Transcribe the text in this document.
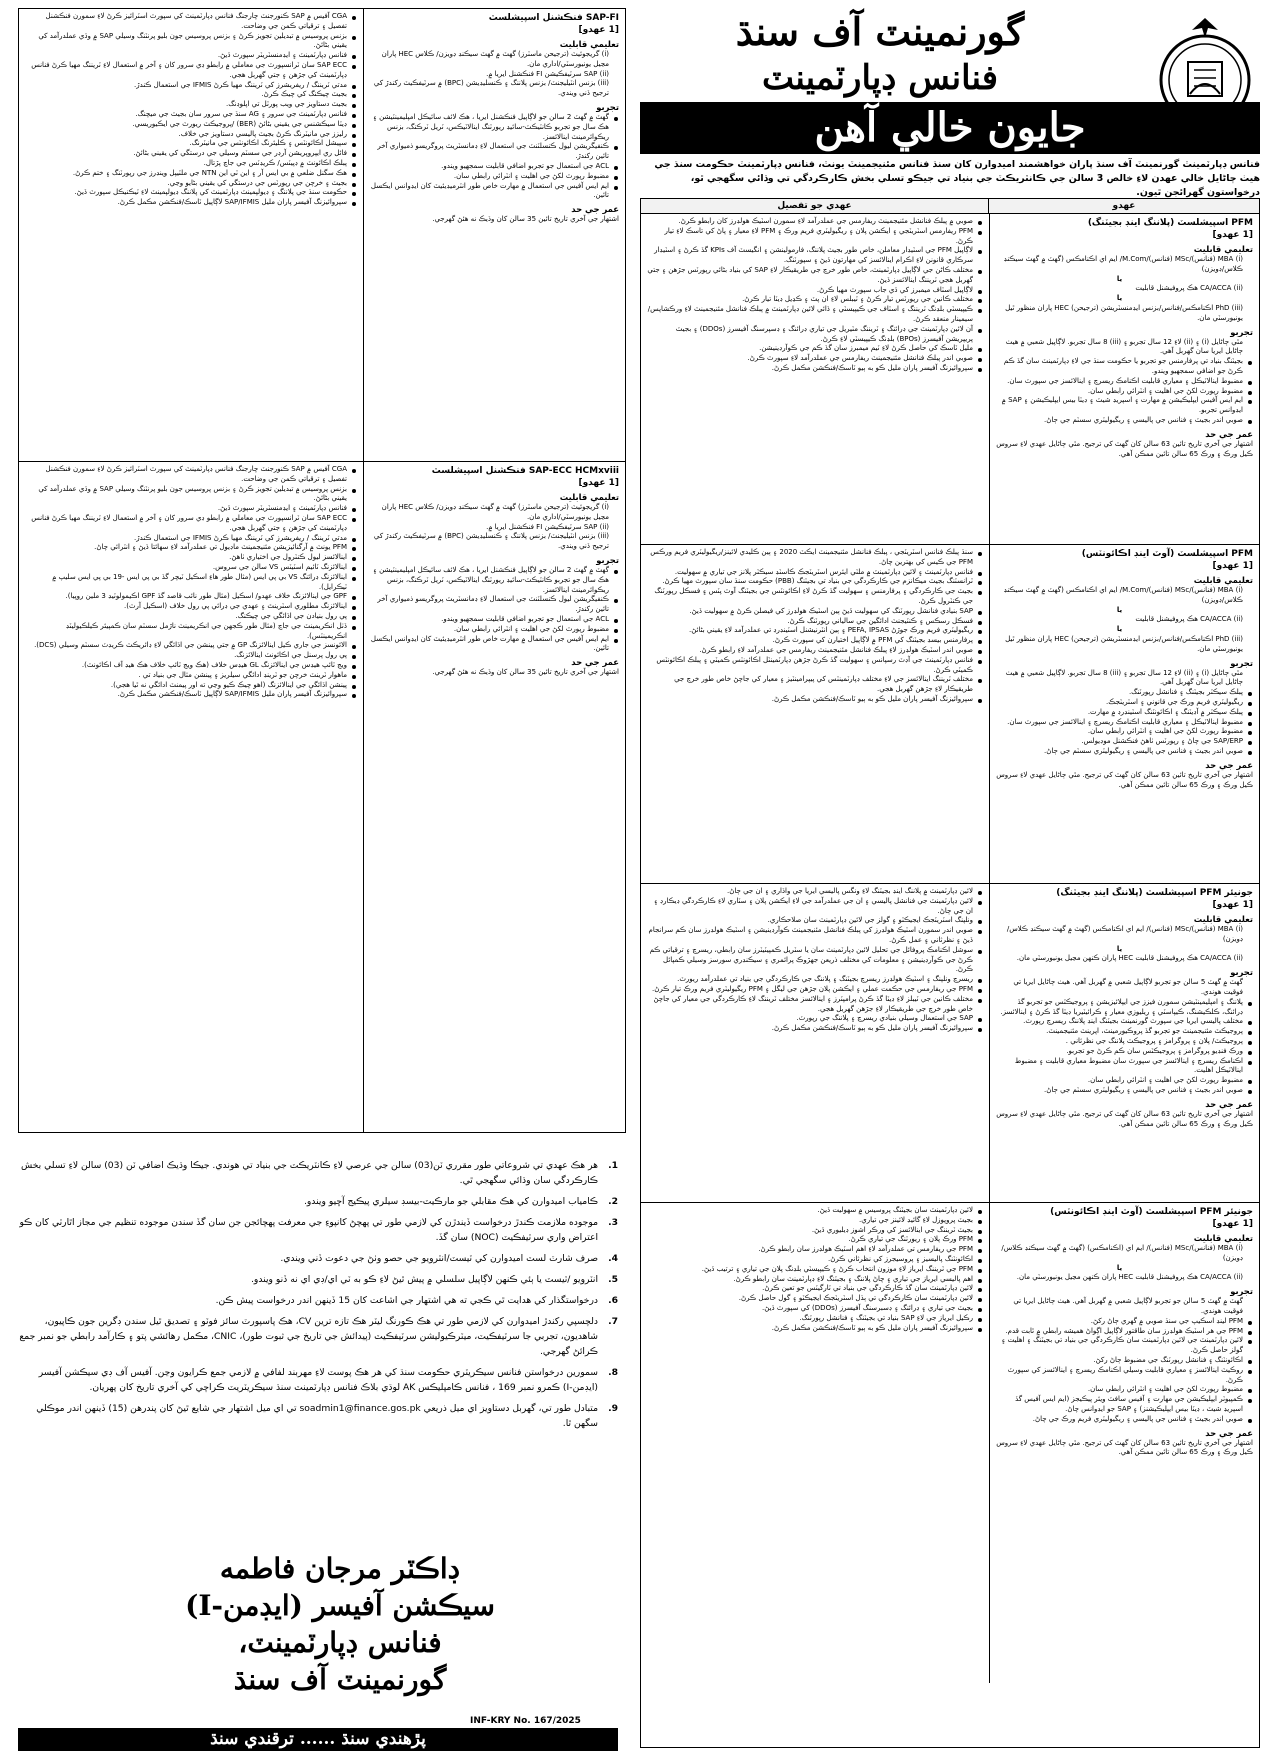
گورنمينٽ آف سنڌ
فنانس ڊپارٽمينٽ
جايون خالي آهن
فنانس ڊپارٽمينٽ گورنمينٽ آف سنڌ پاران خواهشمند اميدوارن کان سنڌ فنانس مئنيجمينٽ يونٽ، فنانس ڊپارٽمينٽ حڪومت سنڌ جي هيٺ ڄاڻايل خالي عهدن لاءِ خالص 3 سالن جي ڪانٽريڪٽ جي بنياد تي جيڪو تسلي بخش ڪارڪردگي تي وڌائي سگهجي ٿو، درخواستون گهرائجن ٿيون.
عهدو
عهدي جو تفصيل
PFM اسپيشلسٽ (پلاننگ اينڊ بجيٽنگ)
[1 عهدو]
تعليمي قابليت
(i) MBA (فنانس)/MSc (فنانس)/M.Com/ ايم اي اڪنامڪس (گهٽ ۾ گهٽ سيڪنڊ ڪلاس/ڊويزن)
يا
(ii) CA/ACCA هڪ پروفيشنل قابليت
يا
(iii) PhD اڪنامڪس/فنانس/بزنس ايڊمنسٽريشن (ترجيحن) HEC پاران منظور ٿيل يونيورسٽي مان.
تجربو
مٿي ڄاڻايل (i) ۽ (ii) لاءِ 12 سال تجربو ۽ (iii) 8 سال تجربو. لاڳاپيل شعبي ۾ هيٺ ڄاڻايل ايريا سان گهربل آهي.
بجيٽنگ بنياد تي پرفارمنس جو تجربو يا حڪومت سنڌ جي لاءِ ڊپارٽمينٽ سان گڏ ڪم ڪرڻ جو اضافي سمجهيو ويندو.
مضبوط اينالاٽيڪل ۽ معياري قابليت اڪنامڪ ريسرچ ۽ اينالائسز جي سپورٽ سان.
مضبوط رپورٽ لکڻ جي اهليت ۽ انٽرائي رابطي سان.
ايم ايس آفيس ايپليڪيشن ۾ مهارت ۽ اسپريڊ شيٽ ۽ ڊيٽا بيس ايپليڪيشن ۽ SAP ۾ ايڊوانس تجربو.
صوبي اندر بجيٽ ۽ فنانس جي پاليسي ۽ ريگيوليٽري سسٽم جي ڄاڻ.
عمر جي حد
اشتهار جي آخري تاريخ تائين 63 سالن کان گهٽ کي ترجيح. مٿي ڄاڻايل عهدي لاءِ سروس ڪيل ورڪ ۽ ورڪ 65 سالن تائين ممڪن آهي.
صوبي ۾ پبلڪ فنانشل مئنيجمينٽ ريفارمس جي عملدرآمد لاءِ سمورن اسٽيڪ هولڊرز کان رابطو ڪرڻ.
PFM ريفارمس اسٽريٽجي ۽ ايڪشن پلان ۽ ريگيوليٽري فريم ورڪ ۽ PFM لاءِ معيار ۽ پاڻ کي تاسڪ لاءِ تيار ڪرڻ.
لاڳاپيل PFM جي اسٽيڊار معاملن، خاص طور بجيٽ پلاننگ، فارمولينشن ۽ انگيسٽ آف KPIs گڏ ڪرڻ ۽ اسٽيڊار سرڪاري قانونن لاءِ اڪرام اينالائسز کي مهارتون ڏيڻ ۽ سپورٽنگ.
مختلف ڪاڻن جي لاڳاپيل ڊپارٽمينٽ، خاص طور خرچ جي طريقيڪار لاءِ SAP کي بنياد بڻائي رپورٽس جڙهن ۽ جتي گهربل هجي ٽريننگ اينالائسز ڏيڻ.
لاڳاپيل اسٽاف ميمبرز کي ڏي جاب سپورٽ مهيا ڪرڻ.
مختلف ڪانين جي رپورٽس تيار ڪرڻ ۽ ٽيبلس لاءِ ان پٽ ۽ ڪڍيل ڊيٽا تيار ڪرڻ.
ڪيپيسٽي بلڊنگ ٽريننگ ۽ اسٽاف جي ڪيپيسٽي ۽ ڏائي لائين ڊپارٽمينٽ ۾ پبلڪ فنانشل مئنيجمينٽ لاءِ ورڪشاپس/سيمينار منعقد ڪرڻ.
آن لائين ڊپارٽمينٽ جي ڊرائنگ ۽ ٽريننگ مٽيريل جي تياري ڊرائنگ ۽ ڊسپرسنگ آفيسرز (DDOs) ۽ بجيٽ پريپريشن آفيسرز (BPOs) بلڊنگ ڪيپيسٽي لاءِ ڪرڻ.
مليل ٽاسڪ کي حاصل ڪرڻ لاءِ ٽيم ميمبرز سان گڏ ڪم جي ڪوآرڊينيشن.
صوبي اندر پبلڪ فنانشل مئنيجمينٽ ريفارمس جي عملدرآمد لاءِ سپورٽ ڪرڻ.
سپروائيزنگ آفيسر پاران مليل ڪو به ٻيو ٽاسڪ/فنڪشن مڪمل ڪرڻ.
PFM اسپيشلسٽ (آوٽ اينڊ اڪائونٽس)
[1 عهدو]
تعليمي قابليت
(i) MBA (فنانس)/MSc (فنانس)/M.Com/ ايم اي اڪنامڪس (گهٽ ۾ گهٽ سيڪنڊ ڪلاس/ڊويزن)
يا
(ii) CA/ACCA هڪ پروفيشنل قابليت
يا
(iii) PhD اڪنامڪس/فنانس/بزنس ايڊمنسٽريشن (ترجيحن) HEC پاران منظور ٿيل يونيورسٽي مان.
تجربو
مٿي ڄاڻايل (i) ۽ (ii) لاءِ 12 سال تجربو ۽ (iii) 8 سال تجربو. لاڳاپيل شعبي ۾ هيٺ ڄاڻايل ايريا سان گهربل آهي.
پبلڪ سيڪٽر بجيٽنگ ۽ فنانشل رپورٽنگ.
ريگيوليٽري فريم ورڪ جي قانوني ۽ اسٽريٽجڪ.
پبلڪ سيڪٽر ۾ آڊيٽنگ ۽ اڪائونٽنگ اسٽينڊرڊ ۾ مهارت.
مضبوط اينالاٽيڪل ۽ معياري قابليت اڪنامڪ ريسرچ ۽ اينالائسز جي سپورٽ سان.
مضبوط رپورٽ لکڻ جي اهليت ۽ انٽرائي رابطي سان.
SAP/ERP جي چاڻ ۽ رپورٽس ٺاهڻ فنڪشنل موڊيولس.
صوبي اندر بجيٽ ۽ فنانس جي پاليسي ۽ ريگيوليٽري سسٽم جي ڄاڻ.
عمر جي حد
اشتهار جي آخري تاريخ تائين 63 سالن کان گهٽ کي ترجيح. مٿي ڄاڻايل عهدي لاءِ سروس ڪيل ورڪ ۽ ورڪ 65 سالن تائين ممڪن آهي.
سنڌ پبلڪ فنانس اسٽريٽجي ، پبلڪ فنانشل مئنيجمينٽ ايڪٽ 2020 ۽ ٻين ڪليدي لائينز/ريگيوليٽري فريم ورڪس PFM جي ڪيس کي بهترين چاڻ.
فنانس ڊپارٽمينٽ ۽ لائين ڊپارٽمينٽ ۾ ملٽي ايئرس اسٽريٽجڪ ڪاسٽڊ سيڪٽر پلانز جي تياري ۾ سهوليت.
ٽرانسٽنگ بجيٽ ميڪانزم جي ڪارڪردگي جي بنياد تي بجيٽنگ (PBB) حڪومت سنڌ سان سپورٽ مهيا ڪرڻ.
بجيٽ جي ڪارڪردگي ۽ پرفارمنس ۽ سهوليت گڏ ڪرڻ لاءِ اڪائونٽس جي بجيٽنگ آوٽ پٽس ۽ فسڪل رپورٽنگ جي ڪنٽرول ڪرڻ.
SAP بنيادي فنانشل رپورٽنگ کي سهوليت ڏيڻ ٻين اسٽيڪ هولڊرز کي فيصلن ڪرڻ ۾ سهوليت ڏيڻ.
فسڪل رسڪس ۽ ڪنٽيجنٽ ادائگين جي سالياني رپورٽنگ ڪرڻ.
ريگيوليٽري فريم ورڪ جوڙڻ PEFA, IPSAS ۽ ٻين انٽرنيشنل اسٽينڊرڊ تي عملدرآمد لاءِ يقيني بڻائڻ.
پرفارمنس بيسڊ بجيٽنگ کي PFM ۾ لاڳاپيل اختيارن کي سپورٽ ڪرڻ.
صوبي اندر اسٽيڪ هولڊرز لاءِ پبلڪ فنانشل مئنيجمينٽ ريفارمس جي عملدرآمد لاءِ رابطو ڪرڻ.
فنانس ڊپارٽمينٽ جي آڊٽ رسپانس ۽ سهوليت گڏ ڪرڻ جڙهن ڊپارٽمينٽل اڪائونٽس ڪميٽي ۽ پبلڪ اڪائونٽس ڪميٽي ڪرڻ.
مختلف ٽريننگ اينالائسز جي لاءِ مختلف ڊپارٽمينٽس کي پيپرامينٽيز ۽ معيار کي جاچڻ خاص طور خرچ جي طريقيڪار لاءِ جڙهن گهربل هجي.
سپروائيزنگ آفيسر پاران مليل ڪو به ٻيو ٽاسڪ/فنڪشن مڪمل ڪرڻ.
جونيئر PFM اسپيشلسٽ (پلاننگ اينڊ بجيٽنگ)
[1 عهدو]
تعليمي قابليت
(i) MBA (فنانس)/MSc (فنانس)/ ايم اي اڪنامڪس (گهٽ ۾ گهٽ سيڪنڊ ڪلاس/ڊويزن)
يا
(ii) CA/ACCA هڪ پروفيشنل قابليت HEC پاران ڪنهن مڃيل يونيورسٽي مان.
تجربو
گهٽ ۾ گهٽ 5 سالن جو تجربو لاڳاپيل شعبي ۾ گهربل آهي. هيٺ ڄاڻايل ايريا تي فوقيت هوندي.
پلاننگ ۽ امپليمينٽيشن سمورن فيزز جي ايپلائيزيشن ۽ پروجيڪٽس جو تجربو گڏ ڊرائنگ، ڪلڪيشنگ، ڪيپاسٽي ۽ ريليوزي معيار ۽ ڪرائيٽيريا ڊيٽا گڏ ڪرڻ ۽ اينالائسز.
مختلف پاليسي ايريا جي سپورٽ گورنمينٽ بجيٽنگ اينڊ پلاننگ ريسرچ رپورٽ.
پروجيڪٽ مئنيجمينٽ جو تجربو گڏ پروڪيورمينٽ، اپرينٽ مئنيجمينٽ.
پروجيڪٽ/ پلان ۽ پروگرامز ۽ پروجيڪٽ پلاننگ جي نظرثاني .
ورڪ فنڊيو پروگرامز ۽ پروجيڪٽس سان ڪم ڪرڻ جو تجربو.
اڪنامڪ ريسرچ ۽ اينالائسز جي سپورٽ سان مضبوط معياري قابليت ۽ مضبوط اينالاٽيڪل اهليت.
مضبوط رپورٽ لکڻ جي اهليت ۽ انٽرائي رابطي سان.
صوبي اندر بجيٽ ۽ فنانس جي پاليسي ۽ ريگيوليٽري سسٽم جي ڄاڻ.
عمر جي حد
اشتهار جي آخري تاريخ تائين 63 سالن کان گهٽ کي ترجيح. مٿي ڄاڻايل عهدي لاءِ سروس ڪيل ورڪ ۽ ورڪ 65 سالن تائين ممڪن آهي.
لائين ڊپارٽمينٽ ۾ پلاننگ اينڊ بجيٽنگ لاءِ ونگس پاليسي ايريا جي واڌاري ۽ ان جي ڄاڻ.
لائين ڊپارٽمينٽ جي فنانشل پاليسي ۽ ان جي عملدرآمد جي لاءِ ايڪشن پلان ۽ سٽاري لاءِ ڪارڪردگي ڊيڪارڊ ۽ ان جي ڄاڻ.
ونلپنگ اسٽريٽجڪ ايجيڪٽو ۽ گولز جي لائين ڊپارٽمينٽ سان صلاحڪاري.
صوبي اندر سمورن اسٽيڪ هولڊرز کي پبلڪ فنانشل مئنيجمينٽ ڪوآرڊينيشن ۽ اسٽيڪ هولڊرز سان ڪم سرانجام ڏيڻ ۽ نظرثاني ۽ عمل ڪرڻ.
سوشل اڪنامڪ پروفائل جي تحليل لائين ڊپارٽمينٽ سان يا سٽريل ڪمپيٽيٽرز سان رابطي، ريسرچ ۽ ترقياتي ڪم ڪرڻ جي ڪوآرڊينيشن ۽ معلومات کي مختلف ذريعن جهڙوڪ پرائمري ۽ سيڪنڊري سورسز وسيلي ڪمپائل ڪرڻ.
ريسرچ ونلپنگ ۽ اسٽيڪ هولڊرز ريسرچ بجيٽنگ ۽ پلاننگ جي ڪارڪردگي جي بنياد تي عملدرآمد ريورٽ.
PFM جي ريفارمس جي حڪمت عملي ۽ ايڪشن پلان جڙهن جي ليگل ۽ PFM ريگيوليٽري فريم ورڪ تيار ڪرڻ.
مختلف ڪانين جي ٽيبلز لاءِ ڊيٽا گڏ ڪرڻ پرامپٽرز ۽ اينالائسز مختلف ٽريننگ لاءِ ڪارڪردگي جي معيار کي جاچڻ خاص طور خرچ جي طريقيڪار لاءِ جڙهن گهربل هجي.
SAP جي استعمال وسيلي بنيادي ريسرچ ۽ پلاننگ جي رپورٽ.
سپروائيزنگ آفيسر پاران مليل ڪو به ٻيو ٽاسڪ/فنڪشن مڪمل ڪرڻ.
جونيئر PFM اسپيشلسٽ (آوٽ اينڊ اڪائونٽس)
[1 عهدو]
تعليمي قابليت
(i) MBA (فنانس)/MSc (فنانس)/ ايم اي (اڪنامڪس) (گهٽ ۾ گهٽ سيڪنڊ ڪلاس/ڊويزن)
يا
(ii) CA/ACCA هڪ پروفيشنل قابليت HEC پاران ڪنهن مڃيل يونيورسٽي مان.
تجربو
گهٽ ۾ گهٽ 5 سالن جو تجربو لاڳاپيل شعبي ۾ گهربل آهي. هيٺ ڄاڻايل ايريا تي فوقيت هوندي.
PFM لينڊ اسڪيپ جي سنڌ صوبي ۾ گهري ڄاڻ رکڻ.
PFM جي هر اسٽيڪ هولڊرز سان طاقتور لاڳاپيل اڳواڻ هميشه رابطي ۾ ٿابت قدم.
لائين ڊپارٽمينٽ جي لائين ڊپارٽمينٽ سان ڪارڪردگي جي بنياد تي بجيٽنگ ۽ اهليت ۽ گولز حاصل ڪرڻ.
اڪائونٽنگ ۽ فنانشل رپورٽنگ جي مضبوط ڄاڻ رکڻ.
روڪيٽ اينالائسز ۽ معياري قابليت وسيلي اڪنامڪ ريسرچ ۽ اينالائسز کي سپورٽ ڪرڻ.
مضبوط رپورٽ لکڻ جي اهليت ۽ انٽرائي رابطي سان.
ڪمپيوٽر ايپليڪيشن جي مهارت ۽ آفيس سافٽ ويئر پيڪيجز (ايم ايس آفيس گڏ اسپريڊ شيٽ ، ڊيٽا بيس ايپليڪيشنز) ۽ SAP جو ايڊوانس چاڻ.
صوبي اندر بجيٽ ۽ فنانس جي پاليسي ۽ ريگيوليٽري فريم ورڪ جي چاڻ.
عمر جي حد
اشتهار جي آخري تاريخ تائين 63 سالن کان گهٽ کي ترجيح. مٿي ڄاڻايل عهدي لاءِ سروس ڪيل ورڪ ۽ ورڪ 65 سالن تائين ممڪن آهي.
لائين ڊپارٽمينٽ سان بجيٽنگ پروسيس ۾ سهوليت ڏيڻ.
بجيٽ پروپوزل لاءِ گائيڊ لائينز جي تياري.
بجيٽ ٽريننگ جي اينالائسز کي ورڪر اشوز ڊيليوري ڏيڻ.
PFM ورڪ پلان ۽ ريورٽنگ جي تياري ڪرڻ.
PFM جي ريفارمس تي عملدرآمد لاءِ اهم اسٽيڪ هولڊرز سان رابطو ڪرڻ.
اڪائونٽنگ پاليسيز ۽ پروسيجرز کي نظرثاني ڪرڻ.
PFM جي ٽريننگ ايرياز لاءِ موزون انتخاب ڪرڻ ۽ ڪيپيسٽي بلڊنگ پلان جي تياري ۽ ترتيب ڏيڻ.
اهم پاليسي ايرياز جي تياري ۽ چاڻ پلاننگ ۽ بجيٽنگ لاءِ ڊپارٽمينٽ سان رابطو ڪرڻ.
لائين ڊپارٽمينٽ سان گڏ ڪارڪردگي جي بنياد تي ٽارگيٽس جو تعين ڪرڻ.
لائين ڊپارٽمينٽ سان ڪارڪردگي تي ٻڌل اسٽريٽجڪ ايجيڪٽو ۽ گول حاصل ڪرڻ.
بجيٽ جي تياري ۽ ڊرائنگ ۽ ڊسبرسنگ آفيسرز (DDOs) کي سپورٽ ڏيڻ.
رڪيل ايرياز جي لاءِ SAP بنياد تي بجيٽنگ ۽ فنانشل رپورٽنگ.
سپروائيزنگ آفيسر پاران مليل ڪو به ٻيو ٽاسڪ/فنڪشن مڪمل ڪرڻ.
SAP-FI فنڪشنل اسپيشلسٽ
[1 عهدو]
تعليمي قابليت
(i) گريجوئيٽ (ترجيحن ماسٽرز) گهٽ ۾ گهٽ سيڪنڊ ڊويزن/ ڪلاس HEC پاران مڃيل يونيورسٽي/اداري مان.
(ii) SAP سرٽيفڪيشن FI فنڪشنل ايريا ۾.
(iii) بزنس انٽيليجنٽ/ بزنس پلاننگ ۽ ڪنسليڊيشن (BPC) ۾ سرٽيفڪيٽ رکندڙ کي ترجيح ڏني ويندي.
تجربو
گهٽ ۾ گهٽ 2 سالن جو لاڳاپيل فنڪشنل ايريا ، هڪ لائف سائيڪل امپليمينٽيشن ۽ هڪ سال جو تجربو ڪانٽيڪٽ-سائيڊ ريورٽنگ اينالاٽيڪس، ٽريل ٽرڪنگ، بزنس ريڪوائرمينٽ اينالائسز.
ڪنفيگريشن ليول ڪنسلٽنٽ جي استعمال لاءِ ڊمانسٽريٽ پروگريسو ذميواري آخر تائين رکندڙ.
ACL جي استعمال جو تجربو اضافي قابليت سمجهيو ويندو.
مضبوط رپورٽ لکڻ جي اهليت ۽ انٽرائي رابطي سان.
ايم ايس آفيس جي استعمال ۾ مهارت خاص طور انٽرميڊيئيٽ کان ايڊوانس ايڪسل تائين.
عمر جي حد
اشتهار جي آخري تاريخ تائين 35 سالن کان وڌيڪ نه هئڻ گهرجي.
CGA آفيس ۾ SAP ڪنورجنٽ چارجنگ فنانس ڊپارٽمينٽ کي سپورٽ اسٽرائيز ڪرڻ لاءِ سمورن فنڪشنل تفصيل ۽ ترقياتي ڪمن جي وضاحت.
بزنس پروسيس ۾ تبديلين تجويز ڪرڻ ۽ بزنس پروسيس جون بليو پرنٽنگ وسيلي SAP ۾ وڌي عملدرآمد کي يقيني بڻائڻ.
فنانس ڊپارٽمينٽ ۽ ايڊمنسٽريٽر سپورٽ ڏيڻ.
SAP ECC سان ٽرانسپورٽ جي معاملي ۾ رابطو ڊي سرور کان ۽ آخر ۾ استعمال لاءِ ٽريننگ مهيا ڪرڻ فنانس ڊپارٽمينٽ کي جڙهن ۽ جتي گهربل هجي.
مدتي ٽريننگ / ريفريشرز کي ٽريننگ مهيا ڪرڻ IFMIS جي استعمال ڪندڙ.
بجيٽ چيڪنگ کي چيڪ ڪرڻ.
بجيٽ دستاويز جي ويب پورٽل تي اپلوڊنگ.
فنانس ڊپارٽمينٽ جي سرور ۽ AG سنڌ جي سرور سان بجيٽ جي ميچنگ.
ڊيٽا سيڪشنس جي يقيني بڻائڻ (BER) /پروجيڪٽ ريورٽ جي ايڪيوريسي.
رليزز جي مانيٽرنگ ڪرڻ بجيٽ پاليسي دستاويز جي خلاف.
سپيشل اڪائونٽس ۽ ڪليئرنگ اڪائونٽس جي مانيٽرنگ.
فائل ري ايپروپريشن آرڊر جي سسٽم وسيلي جي درستگي کي يقيني بڻائڻ.
پبلڪ اڪائونٽ ۾ ڊپيٽس/ ڪريڊٽس جي جاچ پڙتال.
هڪ سگنل ضلعي ۾ بي ايس آر ۽ اين ٽي اين NTN جي ملٽيپل وينڊرز جي رپورٽنگ ۽ ختم ڪرڻ.
بجيٽ ۽ خرچن جي رپورٽس جي درستگي کي يقيني بڻايو وڃي.
حڪومت سنڌ جي پلاننگ ۽ ڊيولپمينٽ ڊپارٽمينٽ کي پلاننگ ڊيولپمينٽ لاءِ ٽيڪنيڪل سپورٽ ڏيڻ.
سپروائيزنگ آفيسر پاران مليل SAP/IFMIS لاڳاپيل ٽاسڪ/فنڪشن مڪمل ڪرڻ.
SAP-ECC HCMxviii فنڪشنل اسپيشلسٽ
[1 عهدو]
تعليمي قابليت
(i) گريجوئيٽ (ترجيحن ماسٽرز) گهٽ ۾ گهٽ سيڪنڊ ڊويزن/ ڪلاس HEC پاران مڃيل يونيورسٽي/اداري مان.
(ii) SAP سرٽيفڪيشن FI فنڪشنل ايريا ۾.
(iii) بزنس انٽيليجنٽ/ بزنس پلاننگ ۽ ڪنسليڊيشن (BPC) ۾ سرٽيفڪيٽ رکندڙ کي ترجيح ڏني ويندي.
تجربو
گهٽ ۾ گهٽ 2 سالن جو لاڳاپيل فنڪشنل ايريا ، هڪ لائف سائيڪل امپليمينٽيشن ۽ هڪ سال جو تجربو ڪانٽيڪٽ-سائيڊ ريورٽنگ اينالاٽيڪس، ٽريل ٽرڪنگ، بزنس ريڪوائرمينٽ اينالائسز.
ڪنفيگريشن ليول ڪنسلٽنٽ جي استعمال لاءِ ڊمانسٽريٽ پروگريسو ذميواري آخر تائين رکندڙ.
ACL جي استعمال جو تجربو اضافي قابليت سمجهيو ويندو.
مضبوط رپورٽ لکڻ جي اهليت ۽ انٽرائي رابطي سان.
ايم ايس آفيس جي استعمال ۾ مهارت خاص طور انٽرميڊيئيٽ کان ايڊوانس ايڪسل تائين.
عمر جي حد
اشتهار جي آخري تاريخ تائين 35 سالن کان وڌيڪ نه هئڻ گهرجي.
CGA آفيس ۾ SAP ڪنورجنٽ چارجنگ فنانس ڊپارٽمينٽ کي سپورٽ اسٽرائيز ڪرڻ لاءِ سمورن فنڪشنل تفصيل ۽ ترقياتي ڪمن جي وضاحت.
بزنس پروسيس ۾ تبديلين تجويز ڪرڻ ۽ بزنس پروسيس جون بليو پرنٽنگ وسيلي SAP ۾ وڌي عملدرآمد کي يقيني بڻائڻ.
فنانس ڊپارٽمينٽ ۽ ايڊمنسٽريٽر سپورٽ ڏيڻ.
SAP ECC سان ٽرانسپورٽ جي معاملي ۾ رابطو ڊي سرور کان ۽ آخر ۾ استعمال لاءِ ٽريننگ مهيا ڪرڻ فنانس ڊپارٽمينٽ کي جڙهن ۽ جتي گهربل هجي.
مدتي ٽريننگ / ريفريشرز کي ٽريننگ مهيا ڪرڻ IFMIS جي استعمال ڪندڙ.
PFM يونٽ ۾ آرگنائيزيشن مئنيجمينٽ ماڊيول تي عملدرآمد لاءِ سهائتا ڏيڻ ۽ انٽرائي چاڻ.
اينالائسز ليول ڪنٽرول جي اختياري ٺاهڻ.
اينالائزنگ ٽائيم اسٽيٽس VS سالن جي سروس.
اينالائزنگ ڊرائنگ VS بي پي ايس (مثال طور هاءِ اسڪيل ٽيچر گڏ بي پي ايس -19 بي پي ايس سليپ ۾ ٽيڪرايل).
GPF جي اينالائزنگ خلاف عهدو/ اسڪيل (مثال طور نائب قاصد گڏ GPF اڪيمولوٽيڊ 3 ملين روپيا).
اينالائزنگ مطلوري اسٽرينٿ ۽ عهدي جي ڊرائي پي رول خلاف (اسڪيل آرٽ).
پي رول بنيادن جي اڌائگي جي چيڪنگ.
ڏٺل انڪريمينٽ جي جاچ (مثال طور ڪجهن جي انڪريمينٽ ناڙمل سسٽم سان ڪمپيئر ڪيلڪيوليٽڊ انڪريمينٽس).
الائونسز جي جاري ڪيل اينالائزنگ GP ۾ جتي پينشن جي اڌائگي لاءِ ڊائريڪٽ ڪريڊٽ سسٽم وسيلي (DCS).
پي رول پرسنل جي اڪائونٽ اينالائزنگ.
ويج ٽائپ هيڊس جي اينالائزنگ GL هيڊس خلاف (هڪ ويج ٽائپ خلاف هڪ هيڊ آف اڪائونٽ).
ماهوار ٽرينٽ خرچن جو ٽرينڊ ادائگي سيلريز ۽ پينشن مثال جي بنياد تي .
پينشن اڌائگي جي اينالائزنگ (اهو چيڪ ڪيو وڃي ته اور پيمنٽ ادائگي نه ٿيا هجي).
سپروائيزنگ آفيسر پاران مليل SAP/IFMIS لاڳاپيل ٽاسڪ/فنڪشن مڪمل ڪرڻ.
1.
هر هڪ عهدي تي شروعاتي طور مقرري ٽن(03) سالن جي عرصي لاءِ ڪانٽريڪٽ جي بنياد تي هوندي. جيڪا وڌيڪ اضافي ٽن (03) سالن لاءِ تسلي بخش ڪارڪردگي سان وڌائي سگهجي ٿي.
2.
ڪامياب اميدوارن کي هڪ مقابلي جو مارڪيٽ-بيسڊ سيلري پيڪيج آڇيو ويندو.
3.
موجوده ملازمت ڪندڙ درخواست ڏيندڙن کي لازمي طور تي پهچڻ کانپوءِ جي معرفت پهچائجن جن سان گڏ سندن موجوده تنظيم جي مجاز اٿارٽي کان ڪو اعتراض واري سرٽيفڪيٽ (NOC) سان گڏ.
4.
صرف شارٽ لسٽ اميدوارن کي ٽيسٽ/انٽرويو جي حصو وٺڻ جي دعوت ڏني ويندي.
5.
انٽرويو /ٽيسٽ يا ٻئي ڪنهن لاڳاپيل سلسلي ۾ پيش ٿيڻ لاءِ ڪو به ٽي اي/ڊي اي نه ڏنو ويندو.
6.
درخواستگذار کي هدايت ٿي ڪجي ته هي اشتهار جي اشاعت کان 15 ڏينهن اندر درخواست پيش ڪن.
7.
دلچسپي رکندڙ اميدوارن کي لازمي طور تي هڪ ڪورنگ ليٽر هڪ تازه ترين CV، هڪ پاسپورٽ سائز فوٽو ۽ تصديق ٿيل سندن ڊگرين جون ڪاپيون، شاهديون، تجربي جا سرٽيفڪيٽ، ميٽرڪيوليشن سرٽيفڪيٽ (پيدائش جي تاريخ جي ثبوت طور)، CNIC، مڪمل رهائشي پتو ۽ ڪارآمد رابطي جو نمبر جمع ڪرائڻ گهرجي.
8.
سمورين درخواستن فنانس سيڪريٽري حڪومت سنڌ کي هر هڪ پوسٽ لاءِ مهربند لفافي ۾ لازمي جمع ڪرايون وڃن. آفيس آف ڊي سيڪشن آفيسر (ايڊمن-I) ڪمرو نمبر 169 ، فنانس ڪامپليڪس AK لوڌي بلاڪ فنانس ڊپارٽمينٽ سنڌ سيڪريٽريٽ ڪراچي کي آخري تاريخ کان پهريان.
9.
متبادل طور تي، گهربل دستاويز اي ميل ذريعي soadmin1@finance.gos.pk تي اي ميل اشتهار جي شايع ٿيڻ کان پندرهن (15) ڏينهن اندر موڪلي سگهن ٿا.
ڊاڪٽر مرجان فاطمه
سيڪشن آفيسر (ايڊمن-I)
فنانس ڊپارٽمينٽ،
گورنمينٽ آف سنڌ
INF-KRY No. 167/2025
پڙهندي سنڌ ...... ترقندي سنڌ
